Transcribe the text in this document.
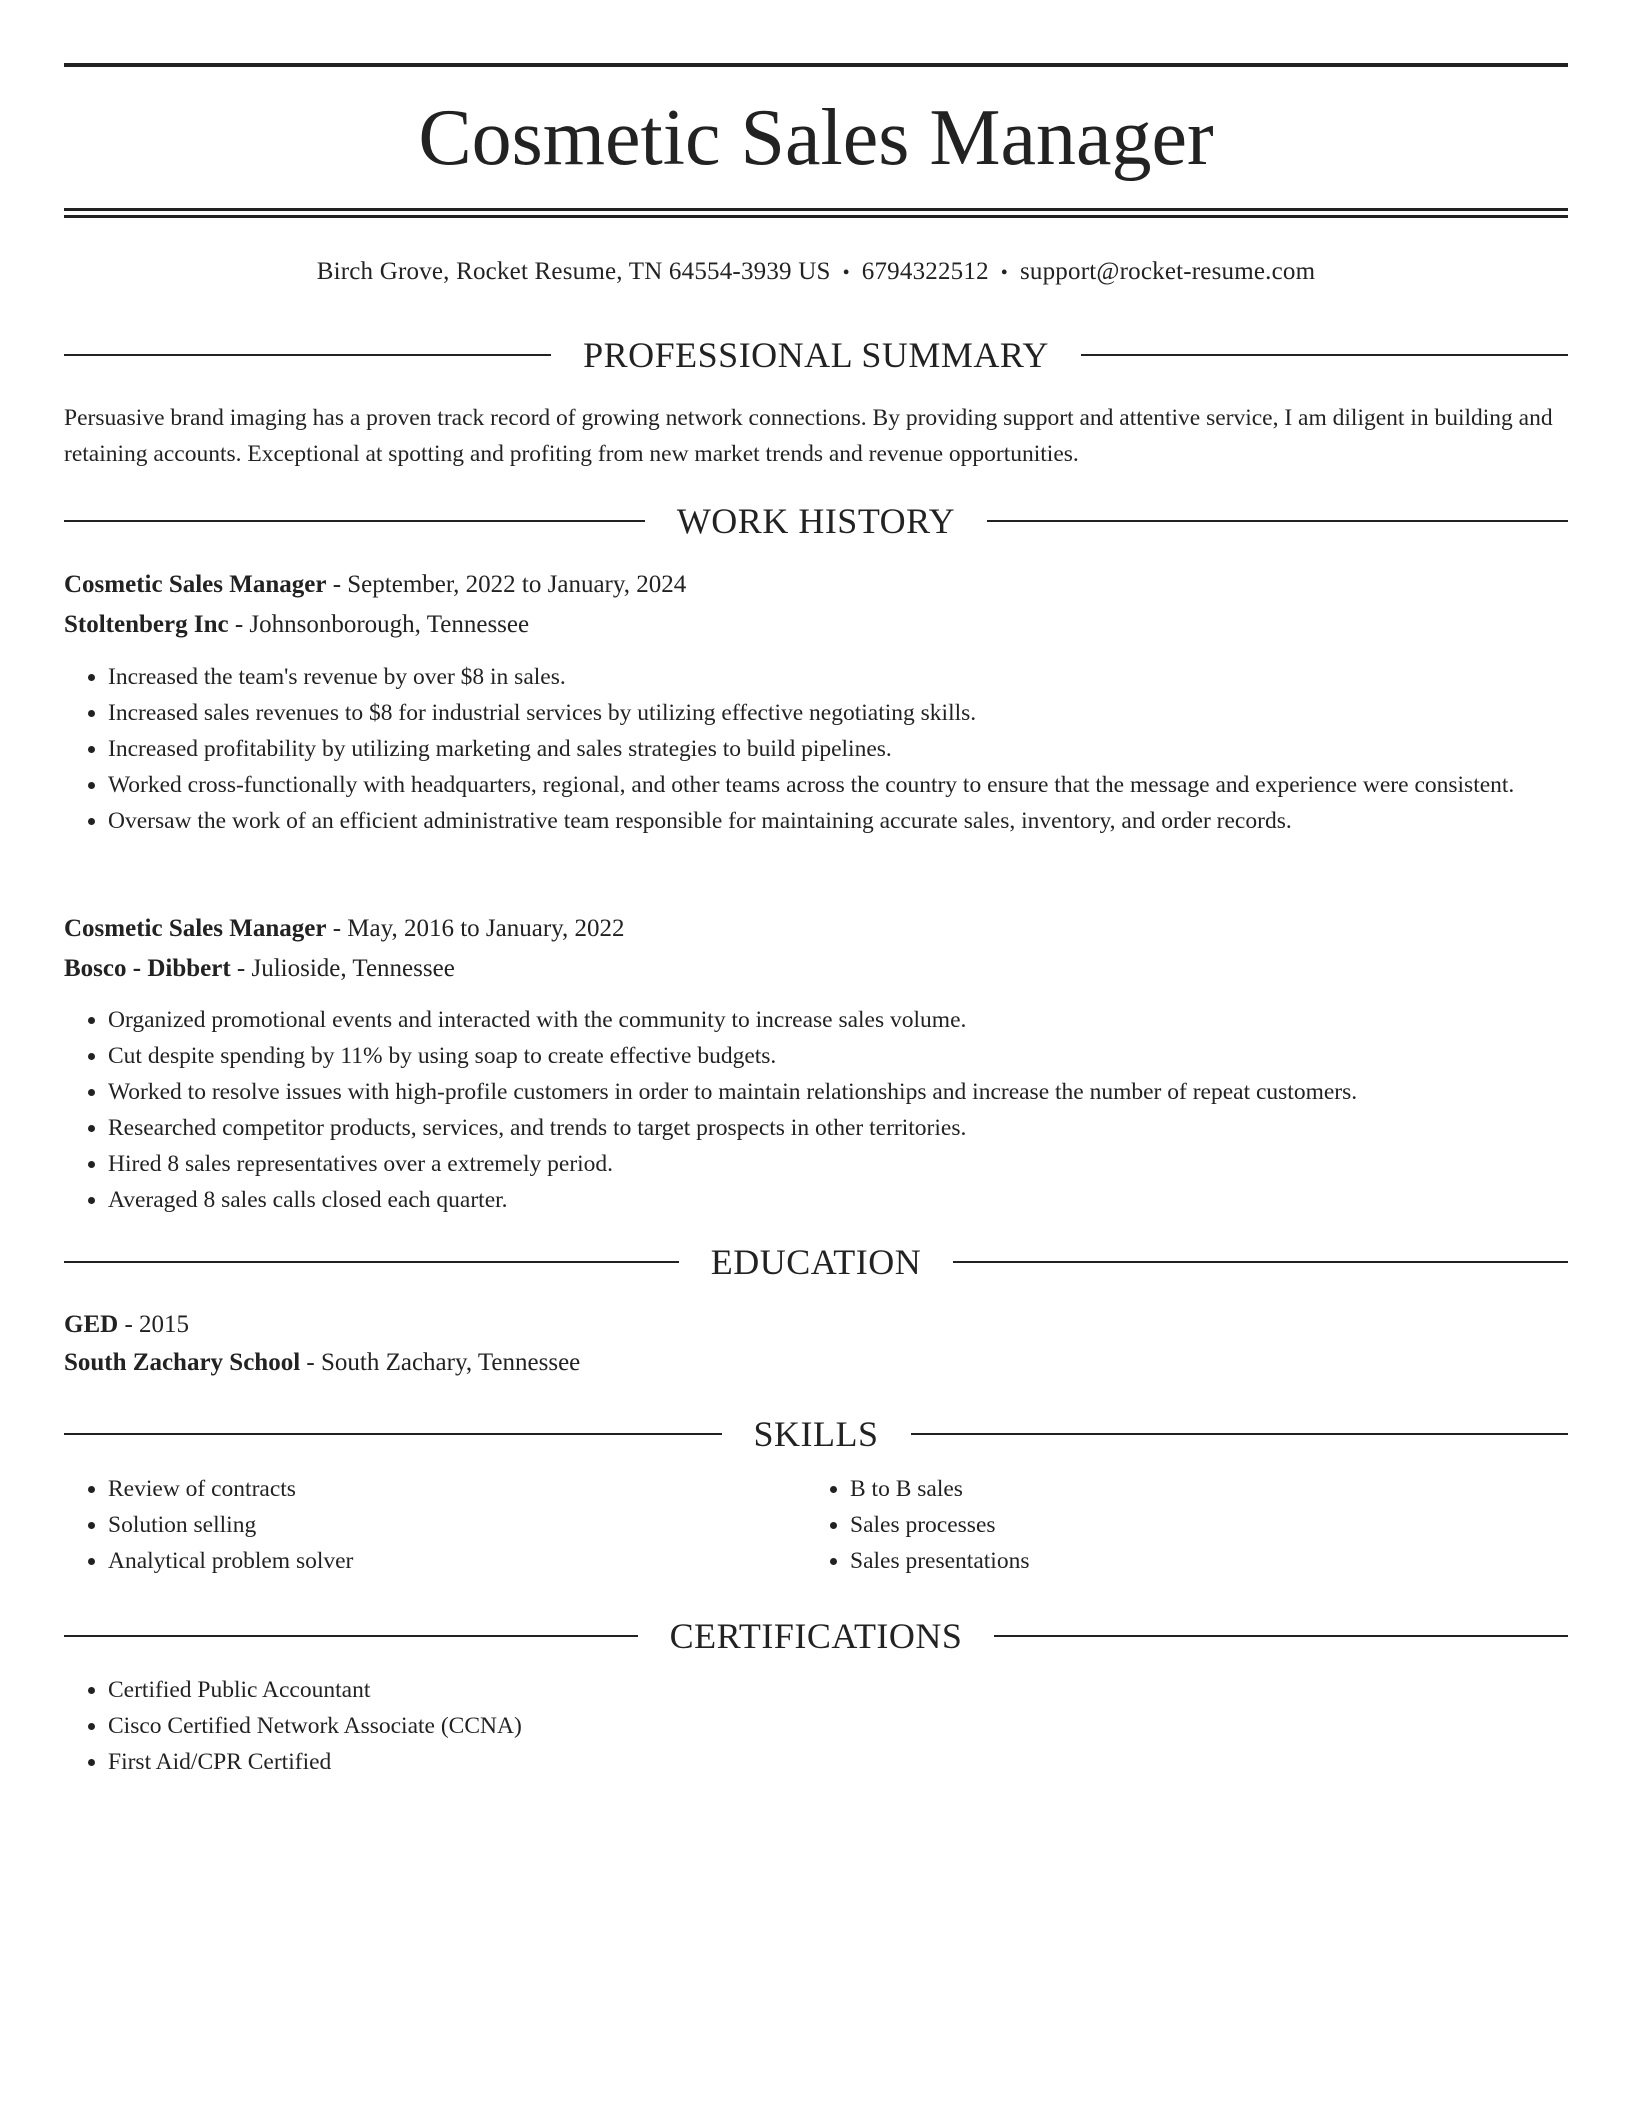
Cosmetic Sales Manager
Birch Grove, Rocket Resume, TN 64554-3939 US • 6794322512 • support@rocket-resume.com
PROFESSIONAL SUMMARY

Persuasive brand imaging has a proven track record of growing network connections. By providing support and attentive service, I am diligent in building and retaining accounts. Exceptional at spotting and profiting from new market trends and revenue opportunities.

WORK HISTORY
Cosmetic Sales Manager - September, 2022 to January, 2024
Stoltenberg Inc - Johnsonborough, Tennessee
• Increased the team's revenue by over $8 in sales.
• Increased sales revenues to $8 for industrial services by utilizing effective negotiating skills.
• Increased profitability by utilizing marketing and sales strategies to build pipelines.
• Worked cross-functionally with headquarters, regional, and other teams across the country to ensure that the message and experience were consistent.
• Oversaw the work of an efficient administrative team responsible for maintaining accurate sales, inventory, and order records.
Cosmetic Sales Manager - May, 2016 to January, 2022
Bosco - Dibbert - Julioside, Tennessee
• Organized promotional events and interacted with the community to increase sales volume.
• Cut despite spending by 11% by using soap to create effective budgets.
• Worked to resolve issues with high-profile customers in order to maintain relationships and increase the number of repeat customers.
• Researched competitor products, services, and trends to target prospects in other territories.
• Hired 8 sales representatives over a extremely period.
• Averaged 8 sales calls closed each quarter.
EDUCATION
GED - 2015
South Zachary School - South Zachary, Tennessee
SKILLS
• Review of contracts
• Solution selling
• Analytical problem solver
• B to B sales
• Sales processes
• Sales presentations
CERTIFICATIONS
• Certified Public Accountant
• Cisco Certified Network Associate (CCNA)
• First Aid/CPR Certified
